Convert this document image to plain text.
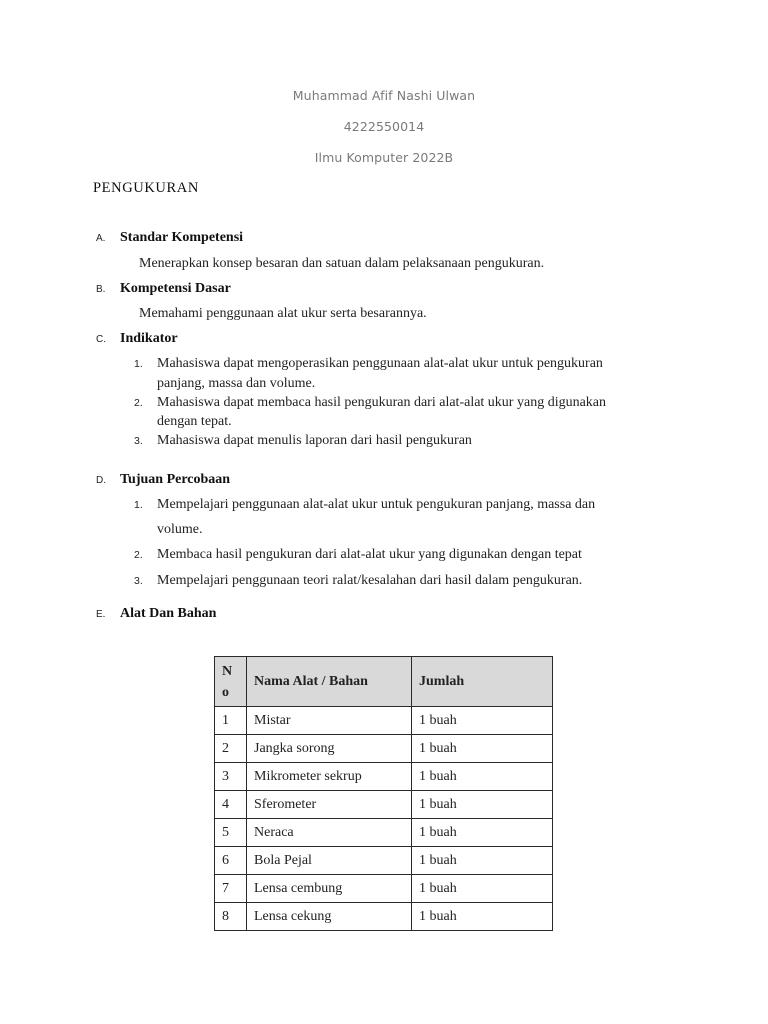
Muhammad Afif Nashi Ulwan
4222550014
Ilmu Komputer 2022B
PENGUKURAN
A. Standar Kompetensi
Menerapkan konsep besaran dan satuan dalam pelaksanaan pengukuran.
B. Kompetensi Dasar
Memahami penggunaan alat ukur serta besarannya.
C. Indikator
1. Mahasiswa dapat mengoperasikan penggunaan alat-alat ukur untuk pengukuran
panjang, massa dan volume.
2. Mahasiswa dapat membaca hasil pengukuran dari alat-alat ukur yang digunakan
dengan tepat.
3. Mahasiswa dapat menulis laporan dari hasil pengukuran
D. Tujuan Percobaan
1. Mempelajari penggunaan alat-alat ukur untuk pengukuran panjang, massa dan
volume.
2. Membaca hasil pengukuran dari alat-alat ukur yang digunakan dengan tepat
3. Mempelajari penggunaan teori ralat/kesalahan dari hasil dalam pengukuran.
E. Alat Dan Bahan
N
o	Nama Alat / Bahan	Jumlah
1	Mistar	1 buah
2	Jangka sorong	1 buah
3	Mikrometer sekrup	1 buah
4	Sferometer	1 buah
5	Neraca	1 buah
6	Bola Pejal	1 buah
7	Lensa cembung	1 buah
8	Lensa cekung	1 buah
